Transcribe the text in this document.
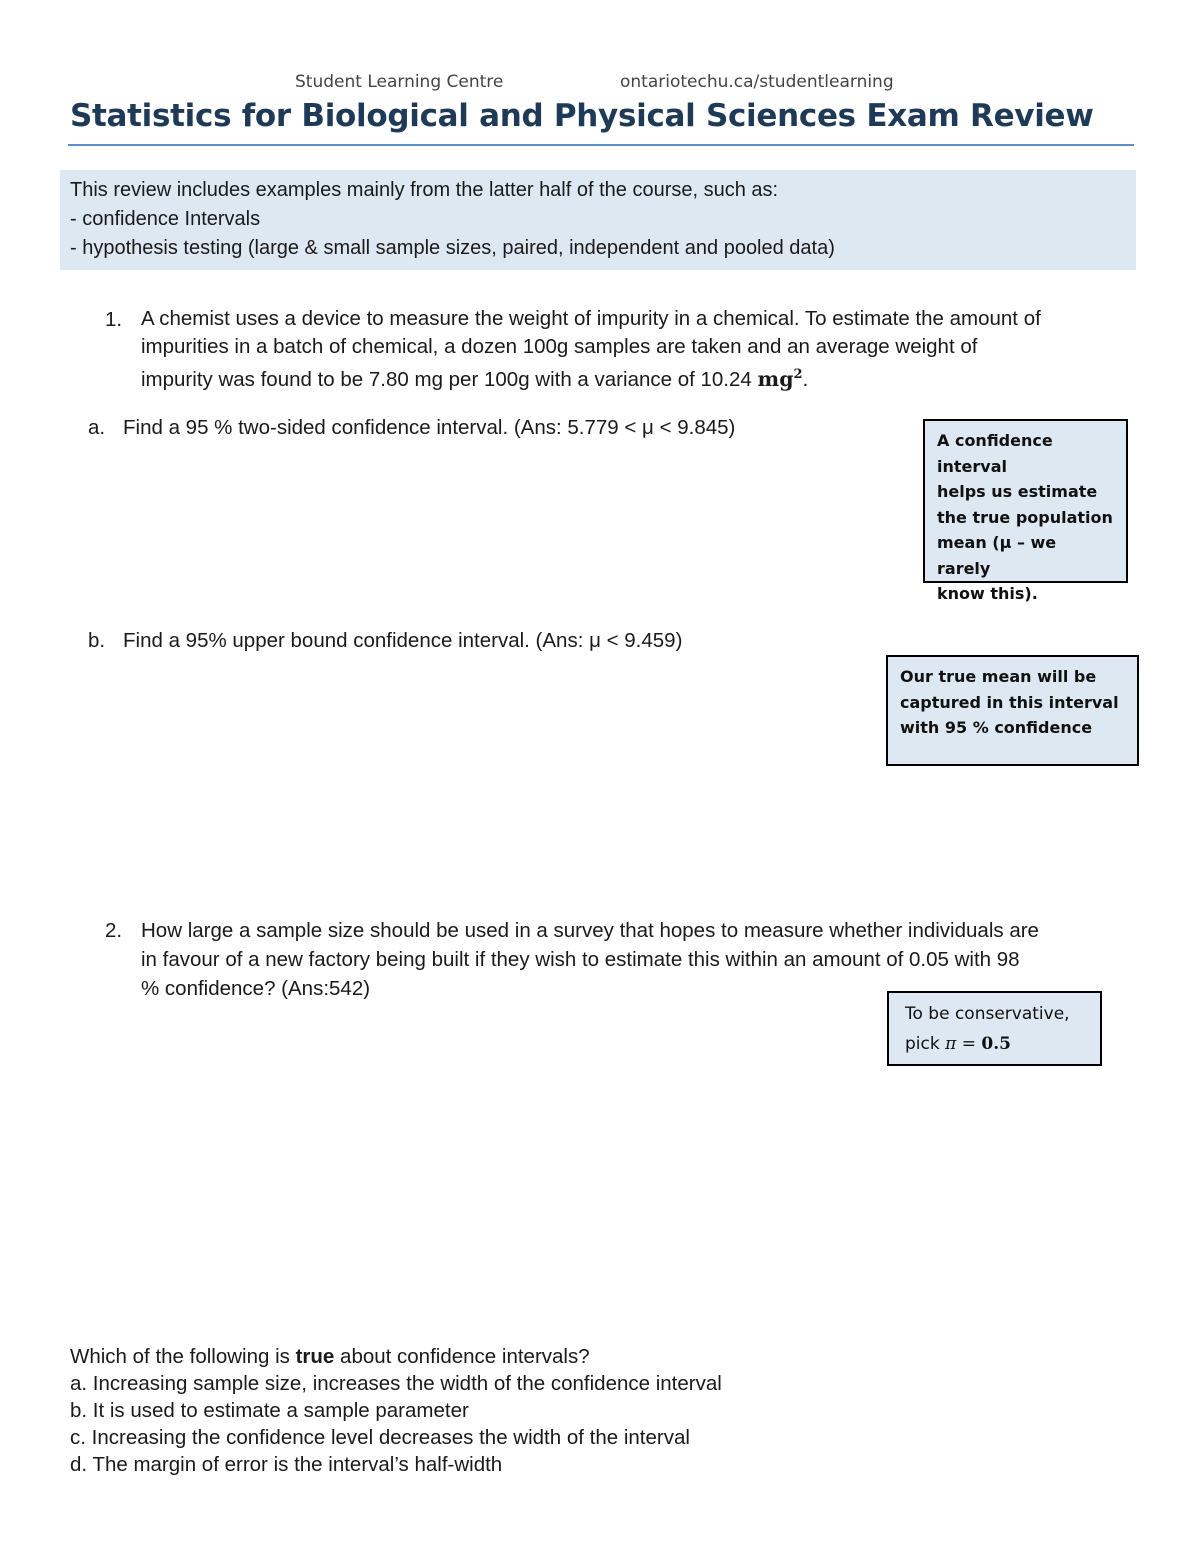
Student Learning Centre	ontariotechu.ca/studentlearning
Statistics for Biological and Physical Sciences Exam Review
This review includes examples mainly from the latter half of the course, such as:
- confidence Intervals
- hypothesis testing (large & small sample sizes, paired, independent and pooled data)
1. A chemist uses a device to measure the weight of impurity in a chemical. To estimate the amount of
impurities in a batch of chemical, a dozen 100g samples are taken and an average weight of
impurity was found to be 7.80 mg per 100g with a variance of 10.24 $mg^2$.
a. Find a 95 % two-sided confidence interval. (Ans: 5.779 < μ < 9.845)
A confidence interval
helps us estimate
the true population
mean (μ – we rarely
know this).
b. Find a 95% upper bound confidence interval. (Ans: μ < 9.459)
Our true mean will be
captured in this interval
with 95 % confidence
2. How large a sample size should be used in a survey that hopes to measure whether individuals are
in favour of a new factory being built if they wish to estimate this within an amount of 0.05 with 98
% confidence? (Ans:542)
To be conservative,
pick π = 0.5
Which of the following is true about confidence intervals?
a. Increasing sample size, increases the width of the confidence interval
b. It is used to estimate a sample parameter
c. Increasing the confidence level decreases the width of the interval
d. The margin of error is the interval’s half-width
